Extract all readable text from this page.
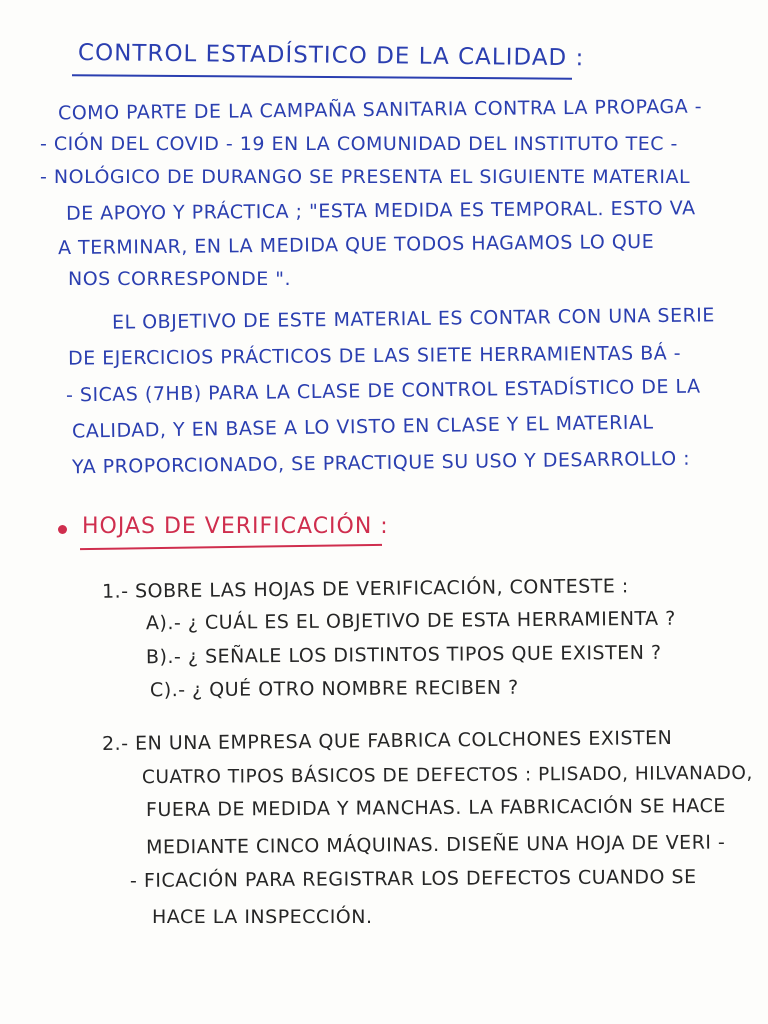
CONTROL ESTADÍSTICO DE LA CALIDAD :
COMO PARTE DE LA CAMPAÑA SANITARIA CONTRA LA PROPAGA -
- CIÓN DEL COVID - 19 EN LA COMUNIDAD DEL INSTITUTO TEC -
- NOLÓGICO DE DURANGO SE PRESENTA EL SIGUIENTE MATERIAL
DE APOYO Y PRÁCTICA ; "ESTA MEDIDA ES TEMPORAL. ESTO VA
A TERMINAR, EN LA MEDIDA QUE TODOS HAGAMOS LO QUE
NOS CORRESPONDE ".
EL OBJETIVO DE ESTE MATERIAL ES CONTAR CON UNA SERIE
DE EJERCICIOS PRÁCTICOS DE LAS SIETE HERRAMIENTAS BÁ -
- SICAS (7HB) PARA LA CLASE DE CONTROL ESTADÍSTICO DE LA
CALIDAD, Y EN BASE A LO VISTO EN CLASE Y EL MATERIAL
YA PROPORCIONADO, SE PRACTIQUE SU USO Y DESARROLLO :
HOJAS DE VERIFICACIÓN :
1.- SOBRE LAS HOJAS DE VERIFICACIÓN, CONTESTE :
A).- ¿ CUÁL ES EL OBJETIVO DE ESTA HERRAMIENTA ?
B).- ¿ SEÑALE LOS DISTINTOS TIPOS QUE EXISTEN ?
C).- ¿ QUÉ OTRO NOMBRE RECIBEN ?
2.- EN UNA EMPRESA QUE FABRICA COLCHONES EXISTEN
CUATRO TIPOS BÁSICOS DE DEFECTOS : PLISADO, HILVANADO,
FUERA DE MEDIDA Y MANCHAS. LA FABRICACIÓN SE HACE
MEDIANTE CINCO MÁQUINAS. DISEÑE UNA HOJA DE VERI -
- FICACIÓN PARA REGISTRAR LOS DEFECTOS CUANDO SE
HACE LA INSPECCIÓN.
